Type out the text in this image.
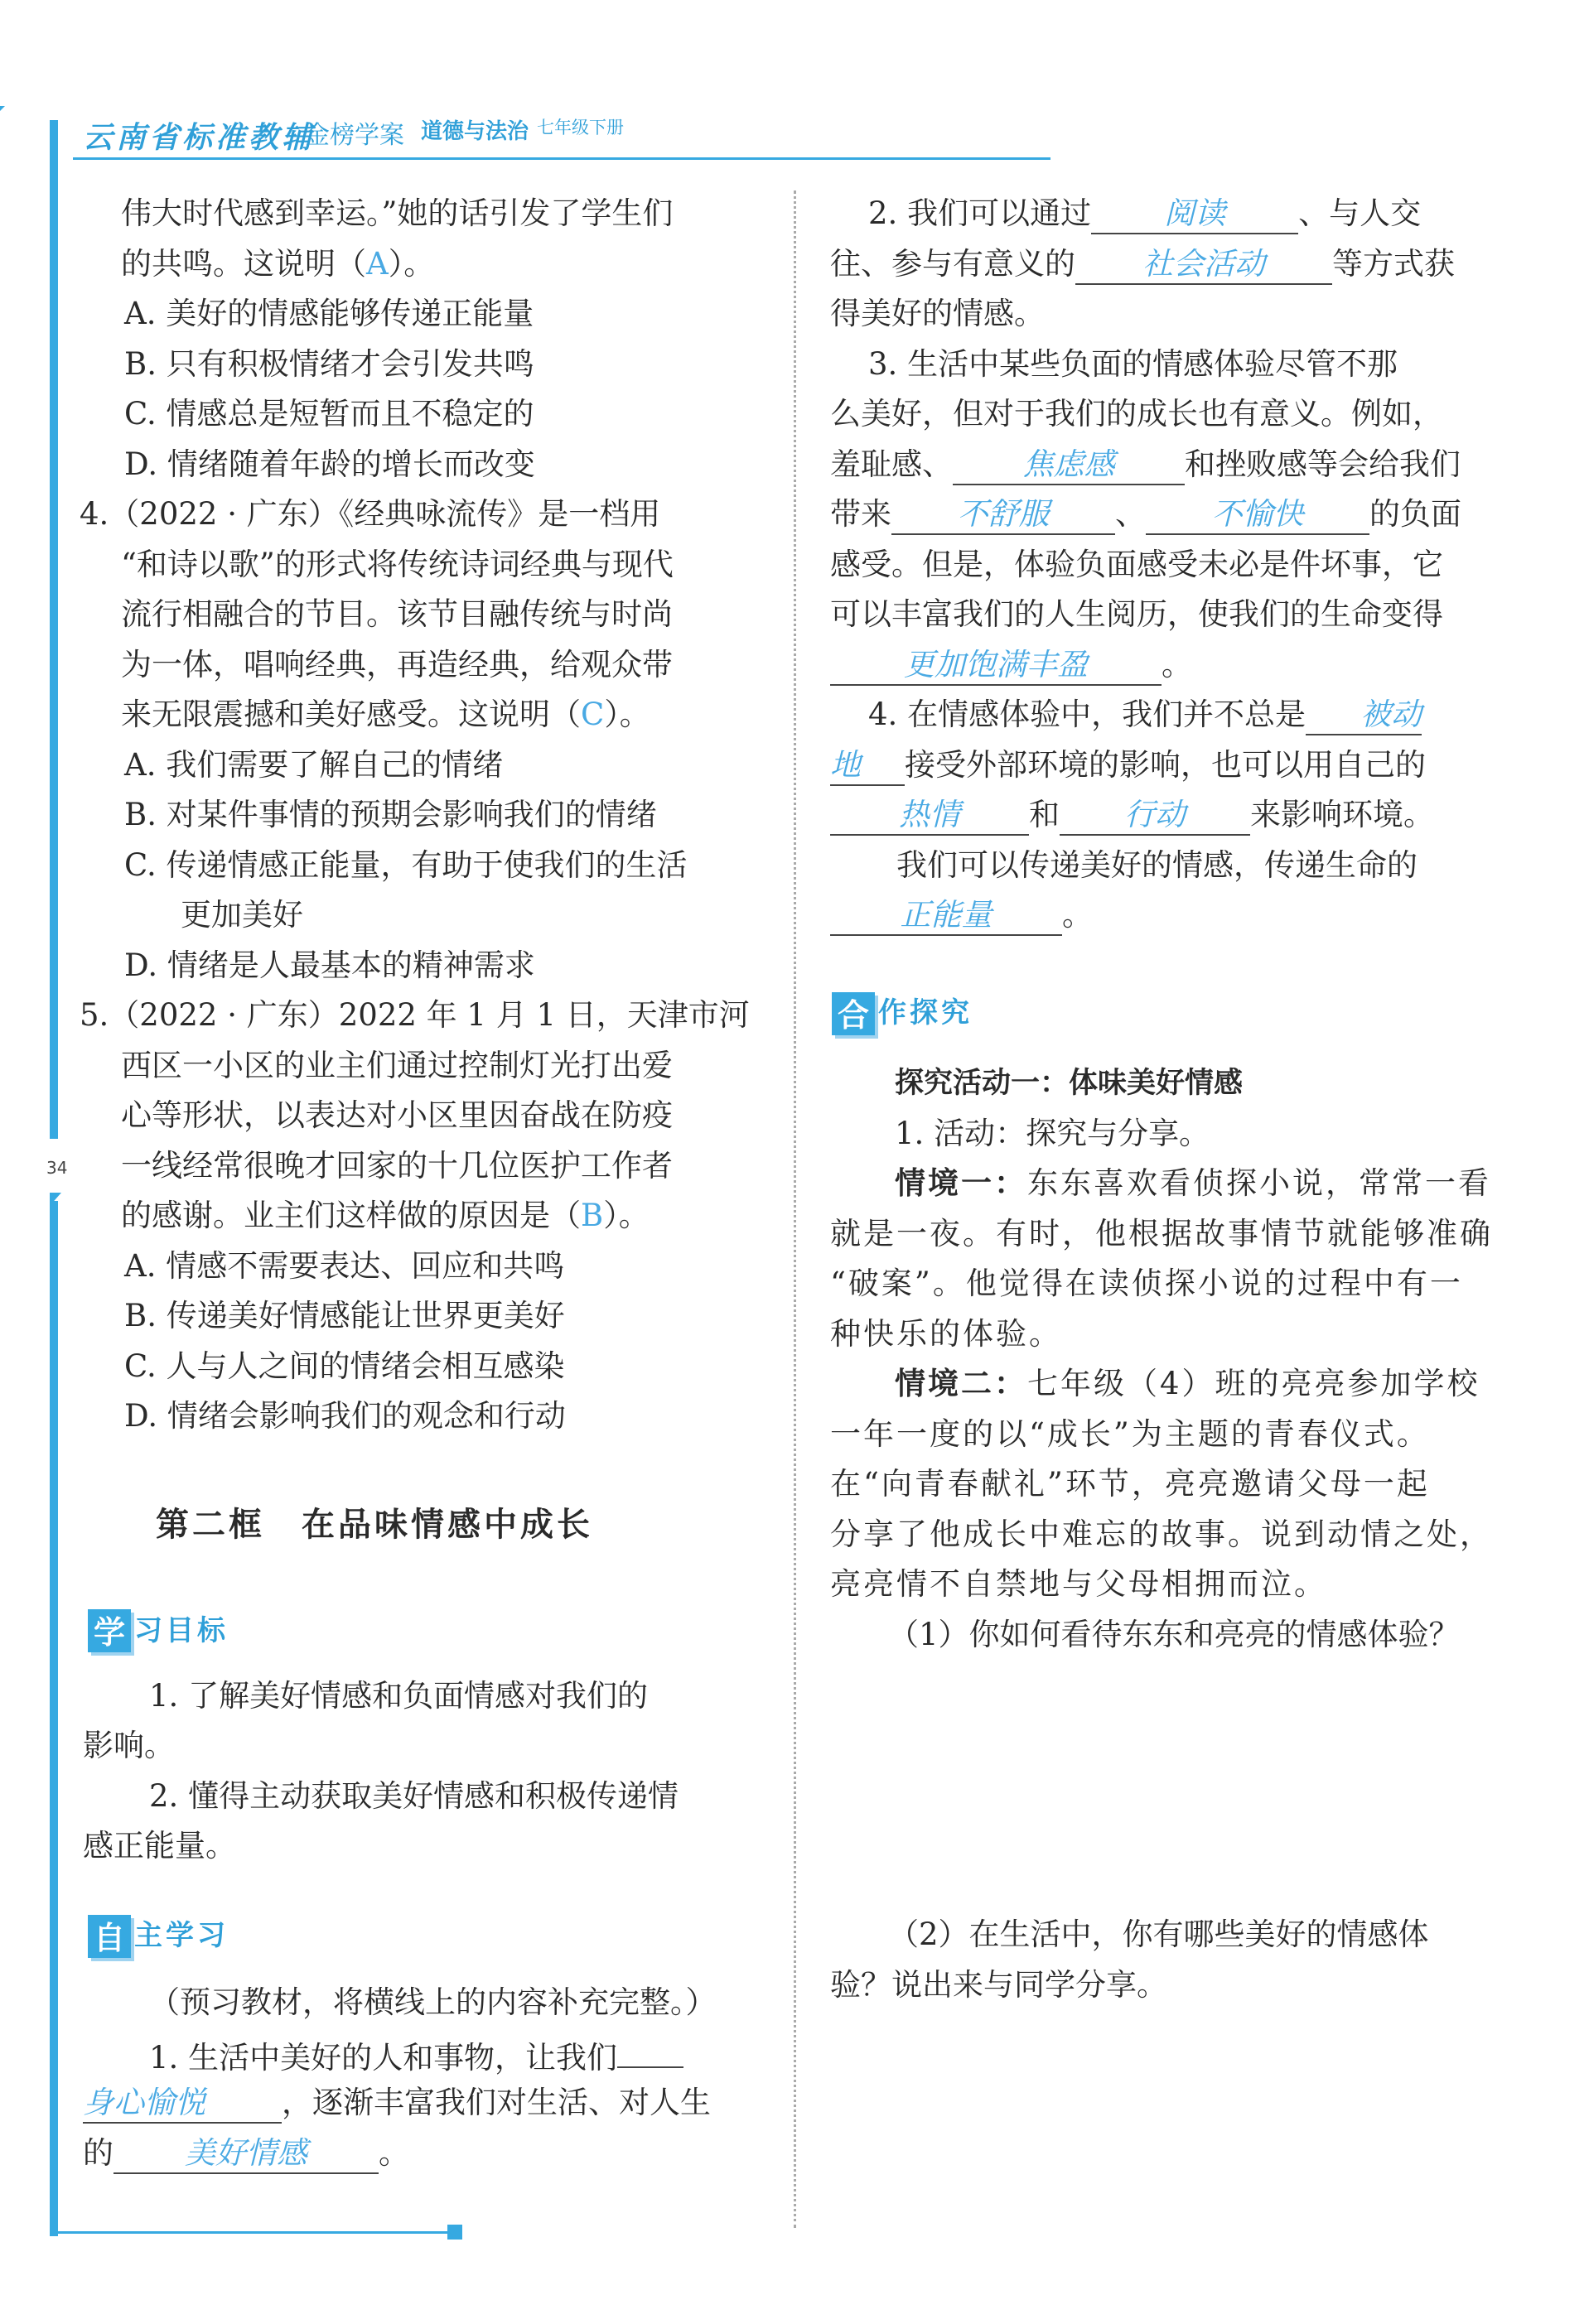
云南省标准教辅
金榜学案 道德与法治 七年级下册
34
伟大时代感到幸运。”她的话引发了学生们
的共鸣。这说明（A）。
A. 美好的情感能够传递正能量
B. 只有积极情绪才会引发共鸣
C. 情感总是短暂而且不稳定的
D. 情绪随着年龄的增长而改变
4.（2022 · 广东）《经典咏流传》是一档用
“和诗以歌”的形式将传统诗词经典与现代
流行相融合的节目。该节目融传统与时尚
为一体，唱响经典，再造经典，给观众带
来无限震撼和美好感受。这说明（C）。
A. 我们需要了解自己的情绪
B. 对某件事情的预期会影响我们的情绪
C. 传递情感正能量，有助于使我们的生活
更加美好
D. 情绪是人最基本的精神需求
5.（2022 · 广东）2022 年 1 月 1 日，天津市河
西区一小区的业主们通过控制灯光打出爱
心等形状，以表达对小区里因奋战在防疫
一线经常很晚才回家的十几位医护工作者
的感谢。业主们这样做的原因是（B）。
A. 情感不需要表达、回应和共鸣
B. 传递美好情感能让世界更美好
C. 人与人之间的情绪会相互感染
D. 情绪会影响我们的观念和行动
第二框　在品味情感中成长
学 习目标
1. 了解美好情感和负面情感对我们的
影响。
2. 懂得主动获取美好情感和积极传递情
感正能量。
自 主学习
（预习教材，将横线上的内容补充完整。）
1. 生活中美好的人和事物，让我们
身心愉悦 ，逐渐丰富我们对生活、对人生
的 美好情感 。
2. 我们可以通过 阅读 、与人交
往、参与有意义的 社会活动 等方式获
得美好的情感。
3. 生活中某些负面的情感体验尽管不那
么美好，但对于我们的成长也有意义。例如，
羞耻感、 焦虑感 和挫败感等会给我们
带来 不舒服 、 不愉快 的负面
感受。但是，体验负面感受未必是件坏事，它
可以丰富我们的人生阅历，使我们的生命变得
更加饱满丰盈 。
4. 在情感体验中，我们并不总是 被动
地 接受外部环境的影响，也可以用自己的
热情 和 行动 来影响环境。
我们可以传递美好的情感，传递生命的
正能量 。
合 作探究
探究活动一：体味美好情感
1. 活动：探究与分享。
情境一：东东喜欢看侦探小说，常常一看
就是一夜。有时，他根据故事情节就能够准确
“破案”。他觉得在读侦探小说的过程中有一
种快乐的体验。
情境二：七年级（4）班的亮亮参加学校
一年一度的以“成长”为主题的青春仪式。
在“向青春献礼”环节，亮亮邀请父母一起
分享了他成长中难忘的故事。说到动情之处，
亮亮情不自禁地与父母相拥而泣。
（1）你如何看待东东和亮亮的情感体验？
（2）在生活中，你有哪些美好的情感体
验？说出来与同学分享。
